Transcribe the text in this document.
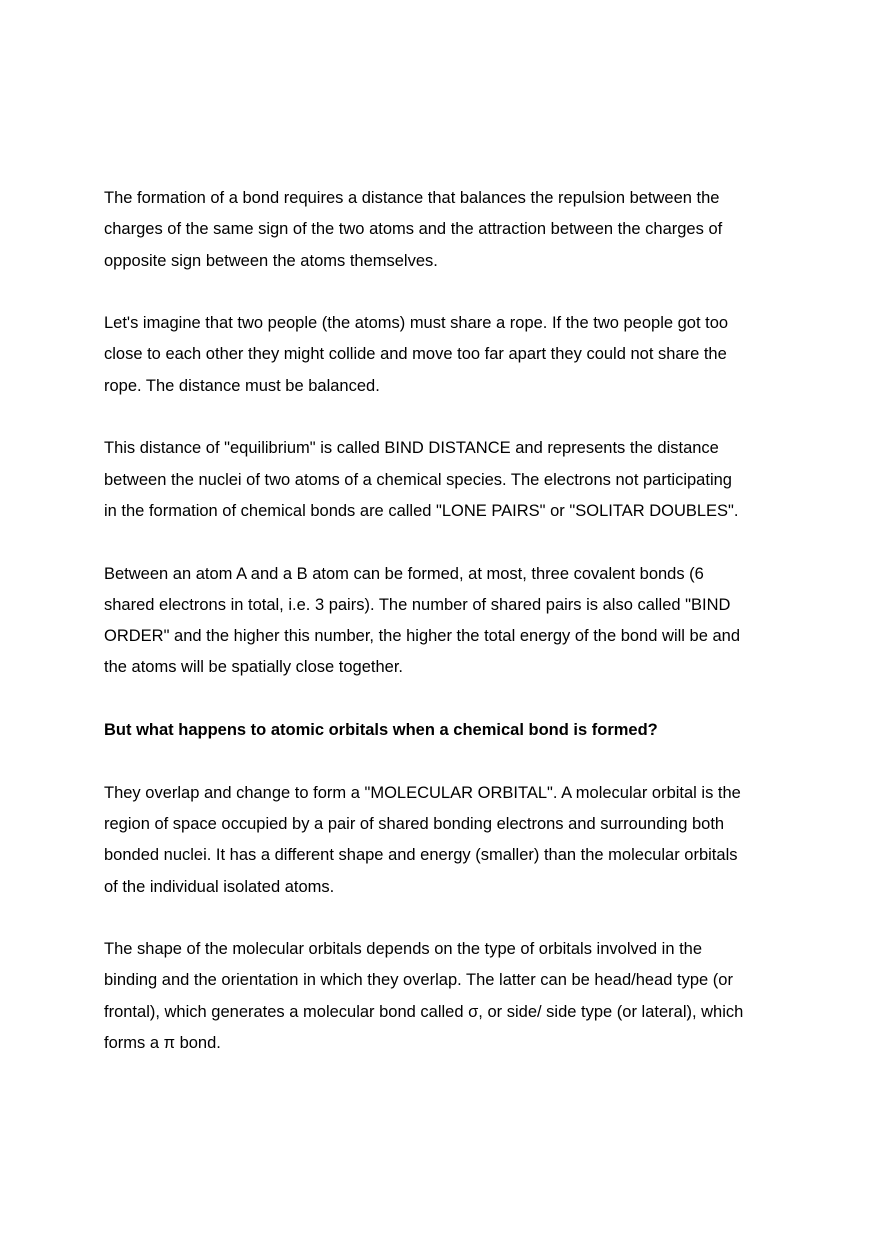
The formation of a bond requires a distance that balances the repulsion between the
charges of the same sign of the two atoms and the attraction between the charges of
opposite sign between the atoms themselves.

Let's imagine that two people (the atoms) must share a rope. If the two people got too
close to each other they might collide and move too far apart they could not share the
rope. The distance must be balanced.

This distance of "equilibrium" is called BIND DISTANCE and represents the distance
between the nuclei of two atoms of a chemical species. The electrons not participating
in the formation of chemical bonds are called "LONE PAIRS" or "SOLITAR DOUBLES".

Between an atom A and a B atom can be formed, at most, three covalent bonds (6
shared electrons in total, i.e. 3 pairs). The number of shared pairs is also called "BIND
ORDER" and the higher this number, the higher the total energy of the bond will be and
the atoms will be spatially close together.

But what happens to atomic orbitals when a chemical bond is formed?

They overlap and change to form a "MOLECULAR ORBITAL". A molecular orbital is the
region of space occupied by a pair of shared bonding electrons and surrounding both
bonded nuclei. It has a different shape and energy (smaller) than the molecular orbitals
of the individual isolated atoms.

The shape of the molecular orbitals depends on the type of orbitals involved in the
binding and the orientation in which they overlap. The latter can be head/head type (or
frontal), which generates a molecular bond called σ, or side/ side type (or lateral), which
forms a π bond.
